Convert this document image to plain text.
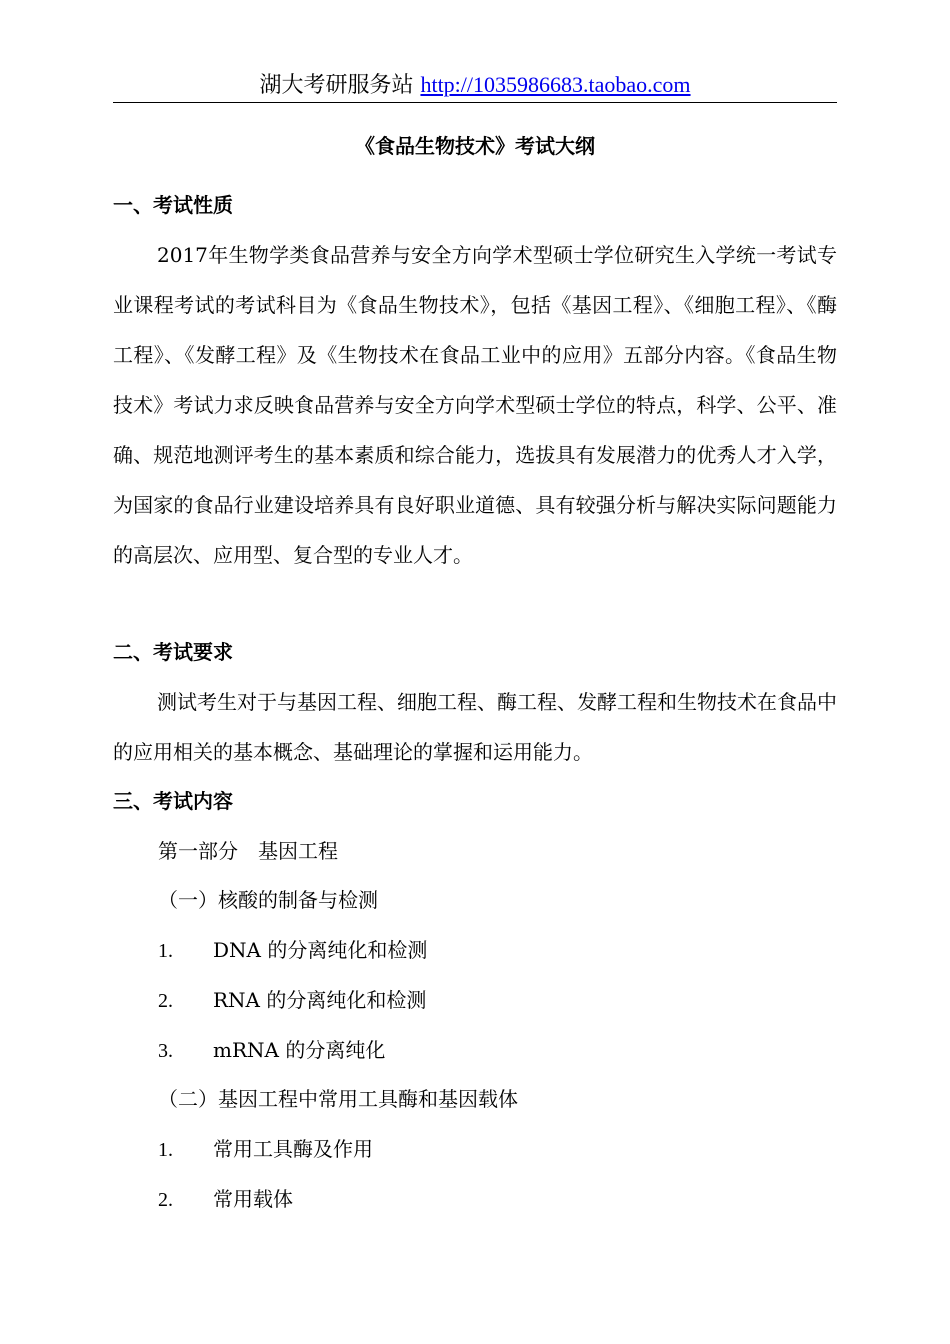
湖大考研服务站 http://1035986683.taobao.com
《食品生物技术》考试大纲
一、考试性质
2017年生物学类食品营养与安全方向学术型硕士学位研究生入学统一考试专业课程考试的考试科目为《食品生物技术》，包括《基因工程》、《细胞工程》、《酶工程》、《发酵工程》及《生物技术在食品工业中的应用》五部分内容。《食品生物技术》考试力求反映食品营养与安全方向学术型硕士学位的特点，科学、公平、准确、规范地测评考生的基本素质和综合能力，选拔具有发展潜力的优秀人才入学，为国家的食品行业建设培养具有良好职业道德、具有较强分析与解决实际问题能力的高层次、应用型、复合型的专业人才。
二、考试要求
测试考生对于与基因工程、细胞工程、酶工程、发酵工程和生物技术在食品中的应用相关的基本概念、基础理论的掌握和运用能力。
三、考试内容
第一部分　基因工程
（一）核酸的制备与检测
1. DNA 的分离纯化和检测
2. RNA 的分离纯化和检测
3. mRNA 的分离纯化
（二）基因工程中常用工具酶和基因载体
1. 常用工具酶及作用
2. 常用载体
